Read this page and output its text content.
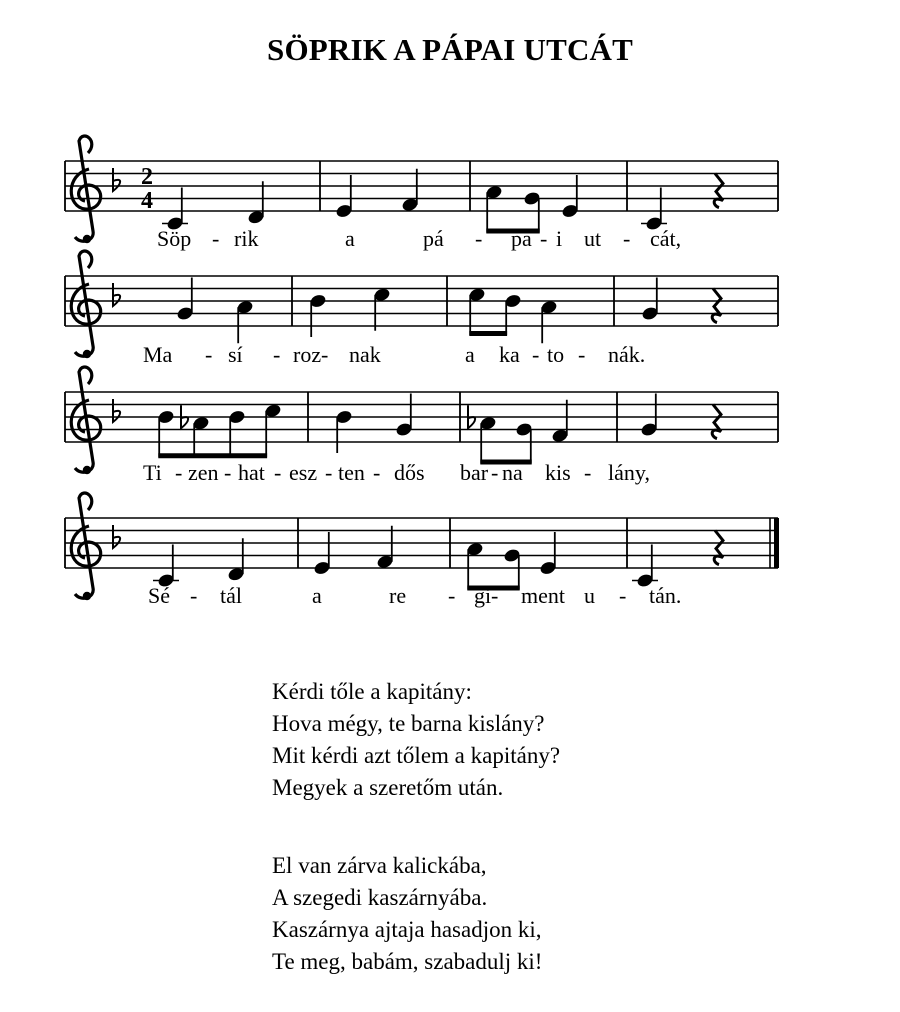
SÖPRIK A PÁPAI UTCÁT
2
4
Söp - rik	a	pá - pa - i ut - cát,
Ma - sí - roz - nak	a ka - to - nák.
Ti - zen - hat - esz - ten - dős bar - na kis - lány,
Sé - tál	a	re - gi - ment u - tán.
Kérdi tőle a kapitány:
Hova mégy, te barna kislány?
Mit kérdi azt tőlem a kapitány?
Megyek a szeretőm után.
El van zárva kalickába,
A szegedi kaszárnyába.
Kaszárnya ajtaja hasadjon ki,
Te meg, babám, szabadulj ki!
